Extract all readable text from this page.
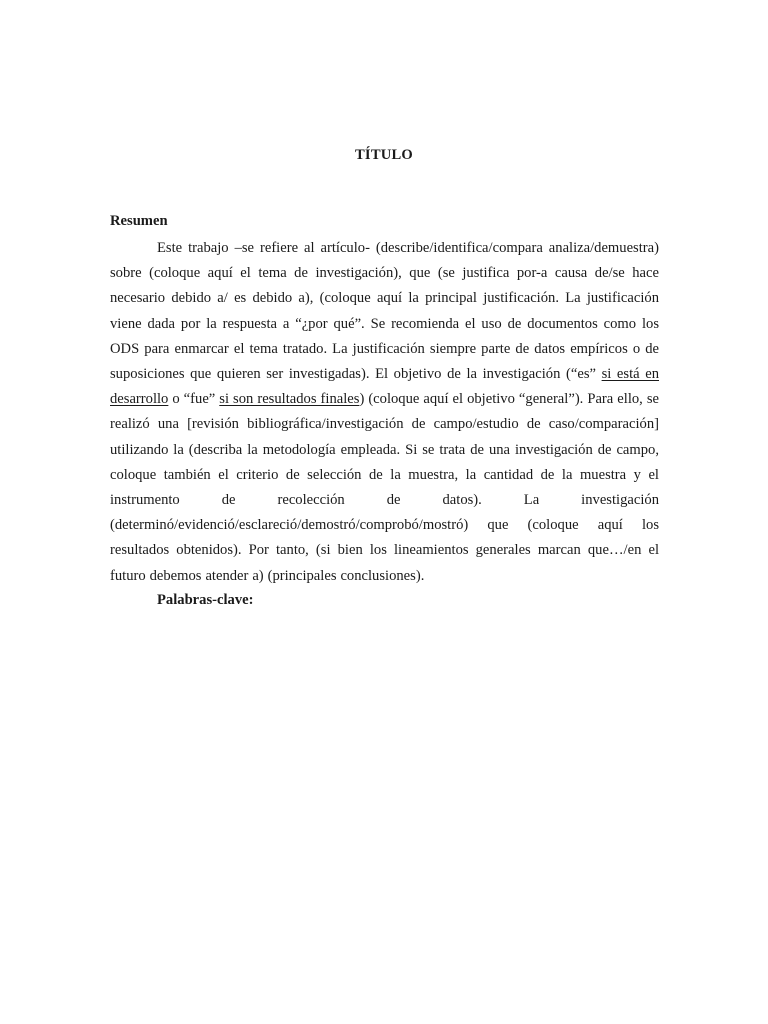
TÍTULO
Resumen

Este trabajo –se refiere al artículo- (describe/identifica/compara analiza/demuestra) sobre (coloque aquí el tema de investigación), que (se justifica por-a causa de/se hace necesario debido a/ es debido a), (coloque aquí la principal justificación. La justificación viene dada por la respuesta a “¿por qué”. Se recomienda el uso de documentos como los ODS para enmarcar el tema tratado. La justificación siempre parte de datos empíricos o de suposiciones que quieren ser investigadas). El objetivo de la investigación (“es” si está en desarrollo o “fue” si son resultados finales) (coloque aquí el objetivo “general”). Para ello, se realizó una [revisión bibliográfica/investigación de campo/estudio de caso/comparación] utilizando la (describa la metodología empleada. Si se trata de una investigación de campo, coloque también el criterio de selección de la muestra, la cantidad de la muestra y el instrumento de recolección de datos). La investigación (determinó/evidenció/esclareció/demostró/comprobó/mostró) que (coloque aquí los resultados obtenidos). Por tanto, (si bien los lineamientos generales marcan que…/en el futuro debemos atender a) (principales conclusiones).

Palabras-clave:
